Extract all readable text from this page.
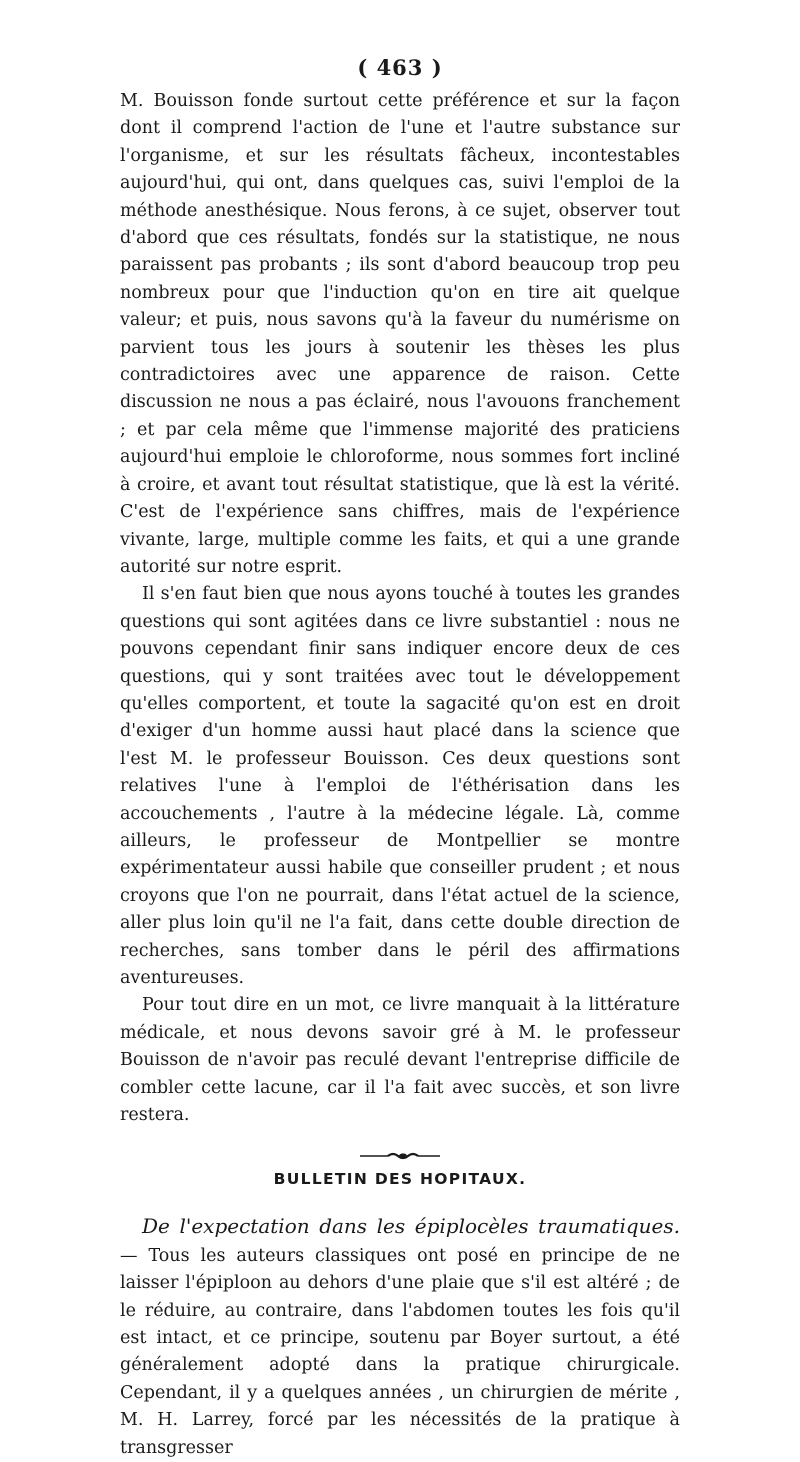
( 463 )

M. Bouisson fonde surtout cette préférence et sur la façon dont il comprend l'action de l'une et l'autre substance sur l'organisme, et sur les résultats fâcheux, incontestables aujourd'hui, qui ont, dans quelques cas, suivi l'emploi de la méthode anesthésique. Nous ferons, à ce sujet, observer tout d'abord que ces résultats, fondés sur la statistique, ne nous paraissent pas probants ; ils sont d'abord beaucoup trop peu nombreux pour que l'induction qu'on en tire ait quelque valeur; et puis, nous savons qu'à la faveur du numérisme on parvient tous les jours à soutenir les thèses les plus contradictoires avec une apparence de raison. Cette discussion ne nous a pas éclairé, nous l'avouons franchement ; et par cela même que l'immense majorité des praticiens aujourd'hui emploie le chloroforme, nous sommes fort incliné à croire, et avant tout résultat statistique, que là est la vérité. C'est de l'expérience sans chiffres, mais de l'expérience vivante, large, multiple comme les faits, et qui a une grande autorité sur notre esprit.

Il s'en faut bien que nous ayons touché à toutes les grandes questions qui sont agitées dans ce livre substantiel : nous ne pouvons cependant finir sans indiquer encore deux de ces questions, qui y sont traitées avec tout le développement qu'elles comportent, et toute la sagacité qu'on est en droit d'exiger d'un homme aussi haut placé dans la science que l'est M. le professeur Bouisson. Ces deux questions sont relatives l'une à l'emploi de l'éthérisation dans les accouchements , l'autre à la médecine légale. Là, comme ailleurs, le professeur de Montpellier se montre expérimentateur aussi habile que conseiller prudent ; et nous croyons que l'on ne pourrait, dans l'état actuel de la science, aller plus loin qu'il ne l'a fait, dans cette double direction de recherches, sans tomber dans le péril des affirmations aventureuses.

Pour tout dire en un mot, ce livre manquait à la littérature médicale, et nous devons savoir gré à M. le professeur Bouisson de n'avoir pas reculé devant l'entreprise difficile de combler cette lacune, car il l'a fait avec succès, et son livre restera.

BULLETIN DES HOPITAUX.

De l'expectation dans les épiplocèles traumatiques. — Tous les auteurs classiques ont posé en principe de ne laisser l'épiploon au dehors d'une plaie que s'il est altéré ; de le réduire, au contraire, dans l'abdomen toutes les fois qu'il est intact, et ce principe, soutenu par Boyer surtout, a été généralement adopté dans la pratique chirurgicale. Cependant, il y a quelques années , un chirurgien de mérite , M. H. Larrey, forcé par les nécessités de la pratique à transgresser
